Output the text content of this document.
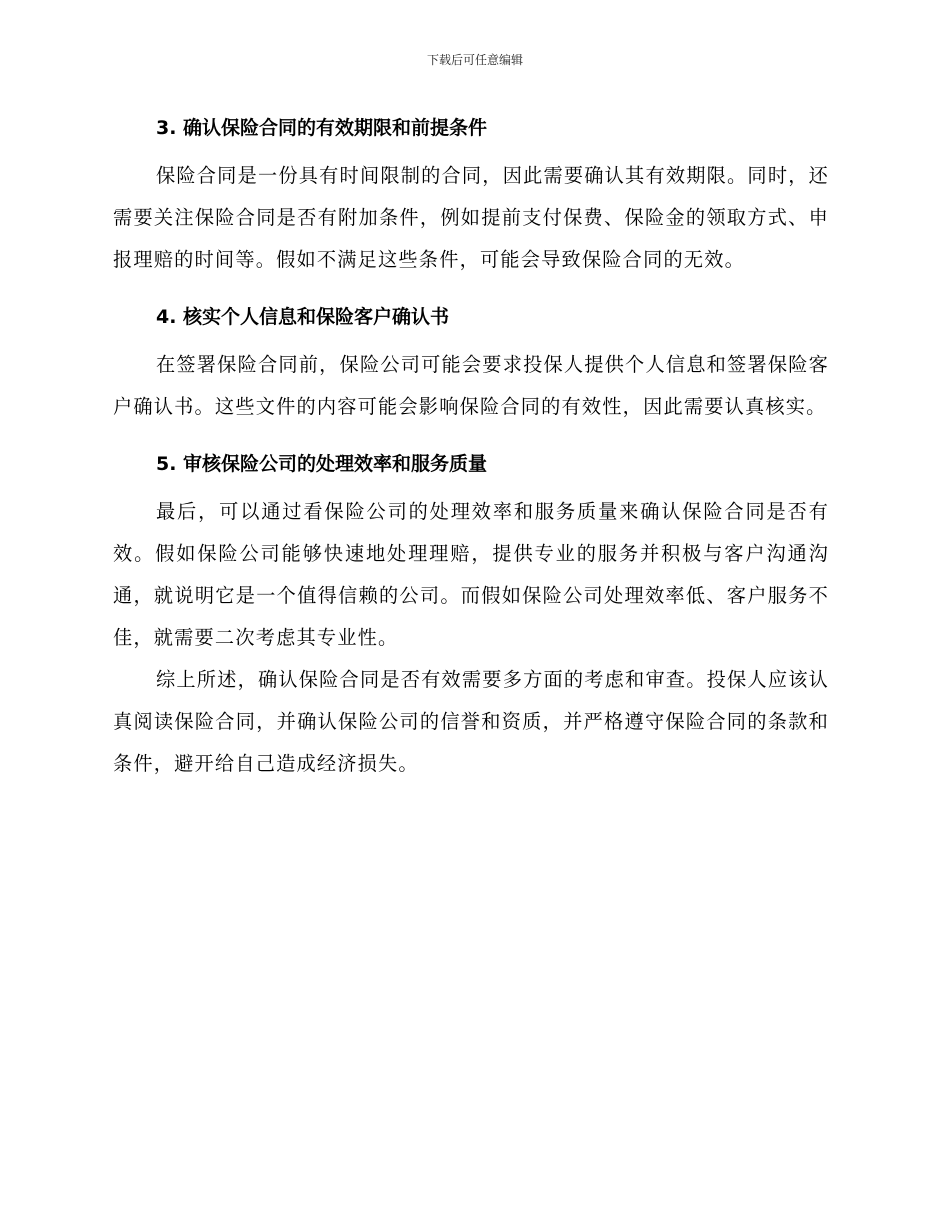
下载后可任意编辑
3. 确认保险合同的有效期限和前提条件

保险合同是一份具有时间限制的合同，因此需要确认其有效期限。同时，还需要关注保险合同是否有附加条件，例如提前支付保费、保险金的领取方式、申报理赔的时间等。假如不满足这些条件，可能会导致保险合同的无效。

4. 核实个人信息和保险客户确认书

在签署保险合同前，保险公司可能会要求投保人提供个人信息和签署保险客户确认书。这些文件的内容可能会影响保险合同的有效性，因此需要认真核实。

5. 审核保险公司的处理效率和服务质量

最后，可以通过看保险公司的处理效率和服务质量来确认保险合同是否有效。假如保险公司能够快速地处理理赔，提供专业的服务并积极与客户沟通沟通，就说明它是一个值得信赖的公司。而假如保险公司处理效率低、客户服务不佳，就需要二次考虑其专业性。

综上所述，确认保险合同是否有效需要多方面的考虑和审查。投保人应该认真阅读保险合同，并确认保险公司的信誉和资质，并严格遵守保险合同的条款和条件，避开给自己造成经济损失。
